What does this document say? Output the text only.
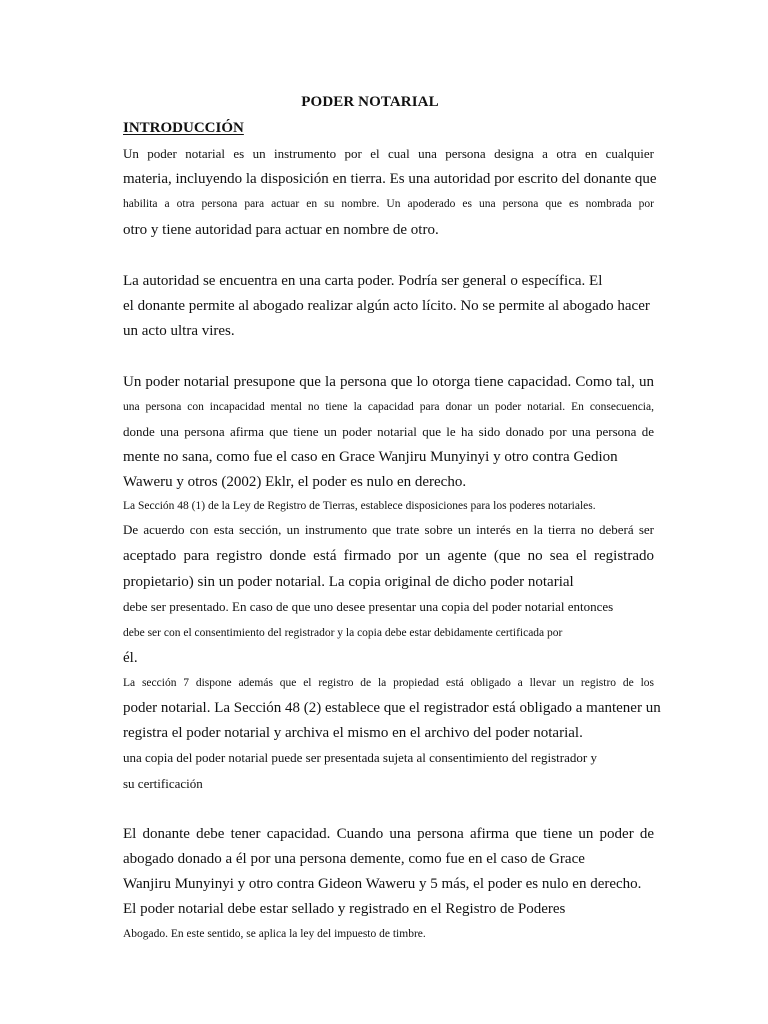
PODER NOTARIAL
INTRODUCCIÓN
Un poder notarial es un instrumento por el cual una persona designa a otra en cualquier
materia, incluyendo la disposición en tierra. Es una autoridad por escrito del donante que
habilita a otra persona para actuar en su nombre. Un apoderado es una persona que es nombrada por
otro y tiene autoridad para actuar en nombre de otro.
La autoridad se encuentra en una carta poder. Podría ser general o específica. El
el donante permite al abogado realizar algún acto lícito. No se permite al abogado hacer
un acto ultra vires.
Un poder notarial presupone que la persona que lo otorga tiene capacidad. Como tal, un
una persona con incapacidad mental no tiene la capacidad para donar un poder notarial. En consecuencia,
donde una persona afirma que tiene un poder notarial que le ha sido donado por una persona de
mente no sana, como fue el caso en Grace Wanjiru Munyinyi y otro contra Gedion
Waweru y otros (2002) Eklr, el poder es nulo en derecho.
La Sección 48 (1) de la Ley de Registro de Tierras, establece disposiciones para los poderes notariales.
De acuerdo con esta sección, un instrumento que trate sobre un interés en la tierra no deberá ser
aceptado para registro donde está firmado por un agente (que no sea el registrado
propietario) sin un poder notarial. La copia original de dicho poder notarial
debe ser presentado. En caso de que uno desee presentar una copia del poder notarial entonces
debe ser con el consentimiento del registrador y la copia debe estar debidamente certificada por
él.
La sección 7 dispone además que el registro de la propiedad está obligado a llevar un registro de los
poder notarial. La Sección 48 (2) establece que el registrador está obligado a mantener un
registra el poder notarial y archiva el mismo en el archivo del poder notarial.
una copia del poder notarial puede ser presentada sujeta al consentimiento del registrador y
su certificación
El donante debe tener capacidad. Cuando una persona afirma que tiene un poder de
abogado donado a él por una persona demente, como fue en el caso de Grace
Wanjiru Munyinyi y otro contra Gideon Waweru y 5 más, el poder es nulo en derecho.
El poder notarial debe estar sellado y registrado en el Registro de Poderes
Abogado. En este sentido, se aplica la ley del impuesto de timbre.
